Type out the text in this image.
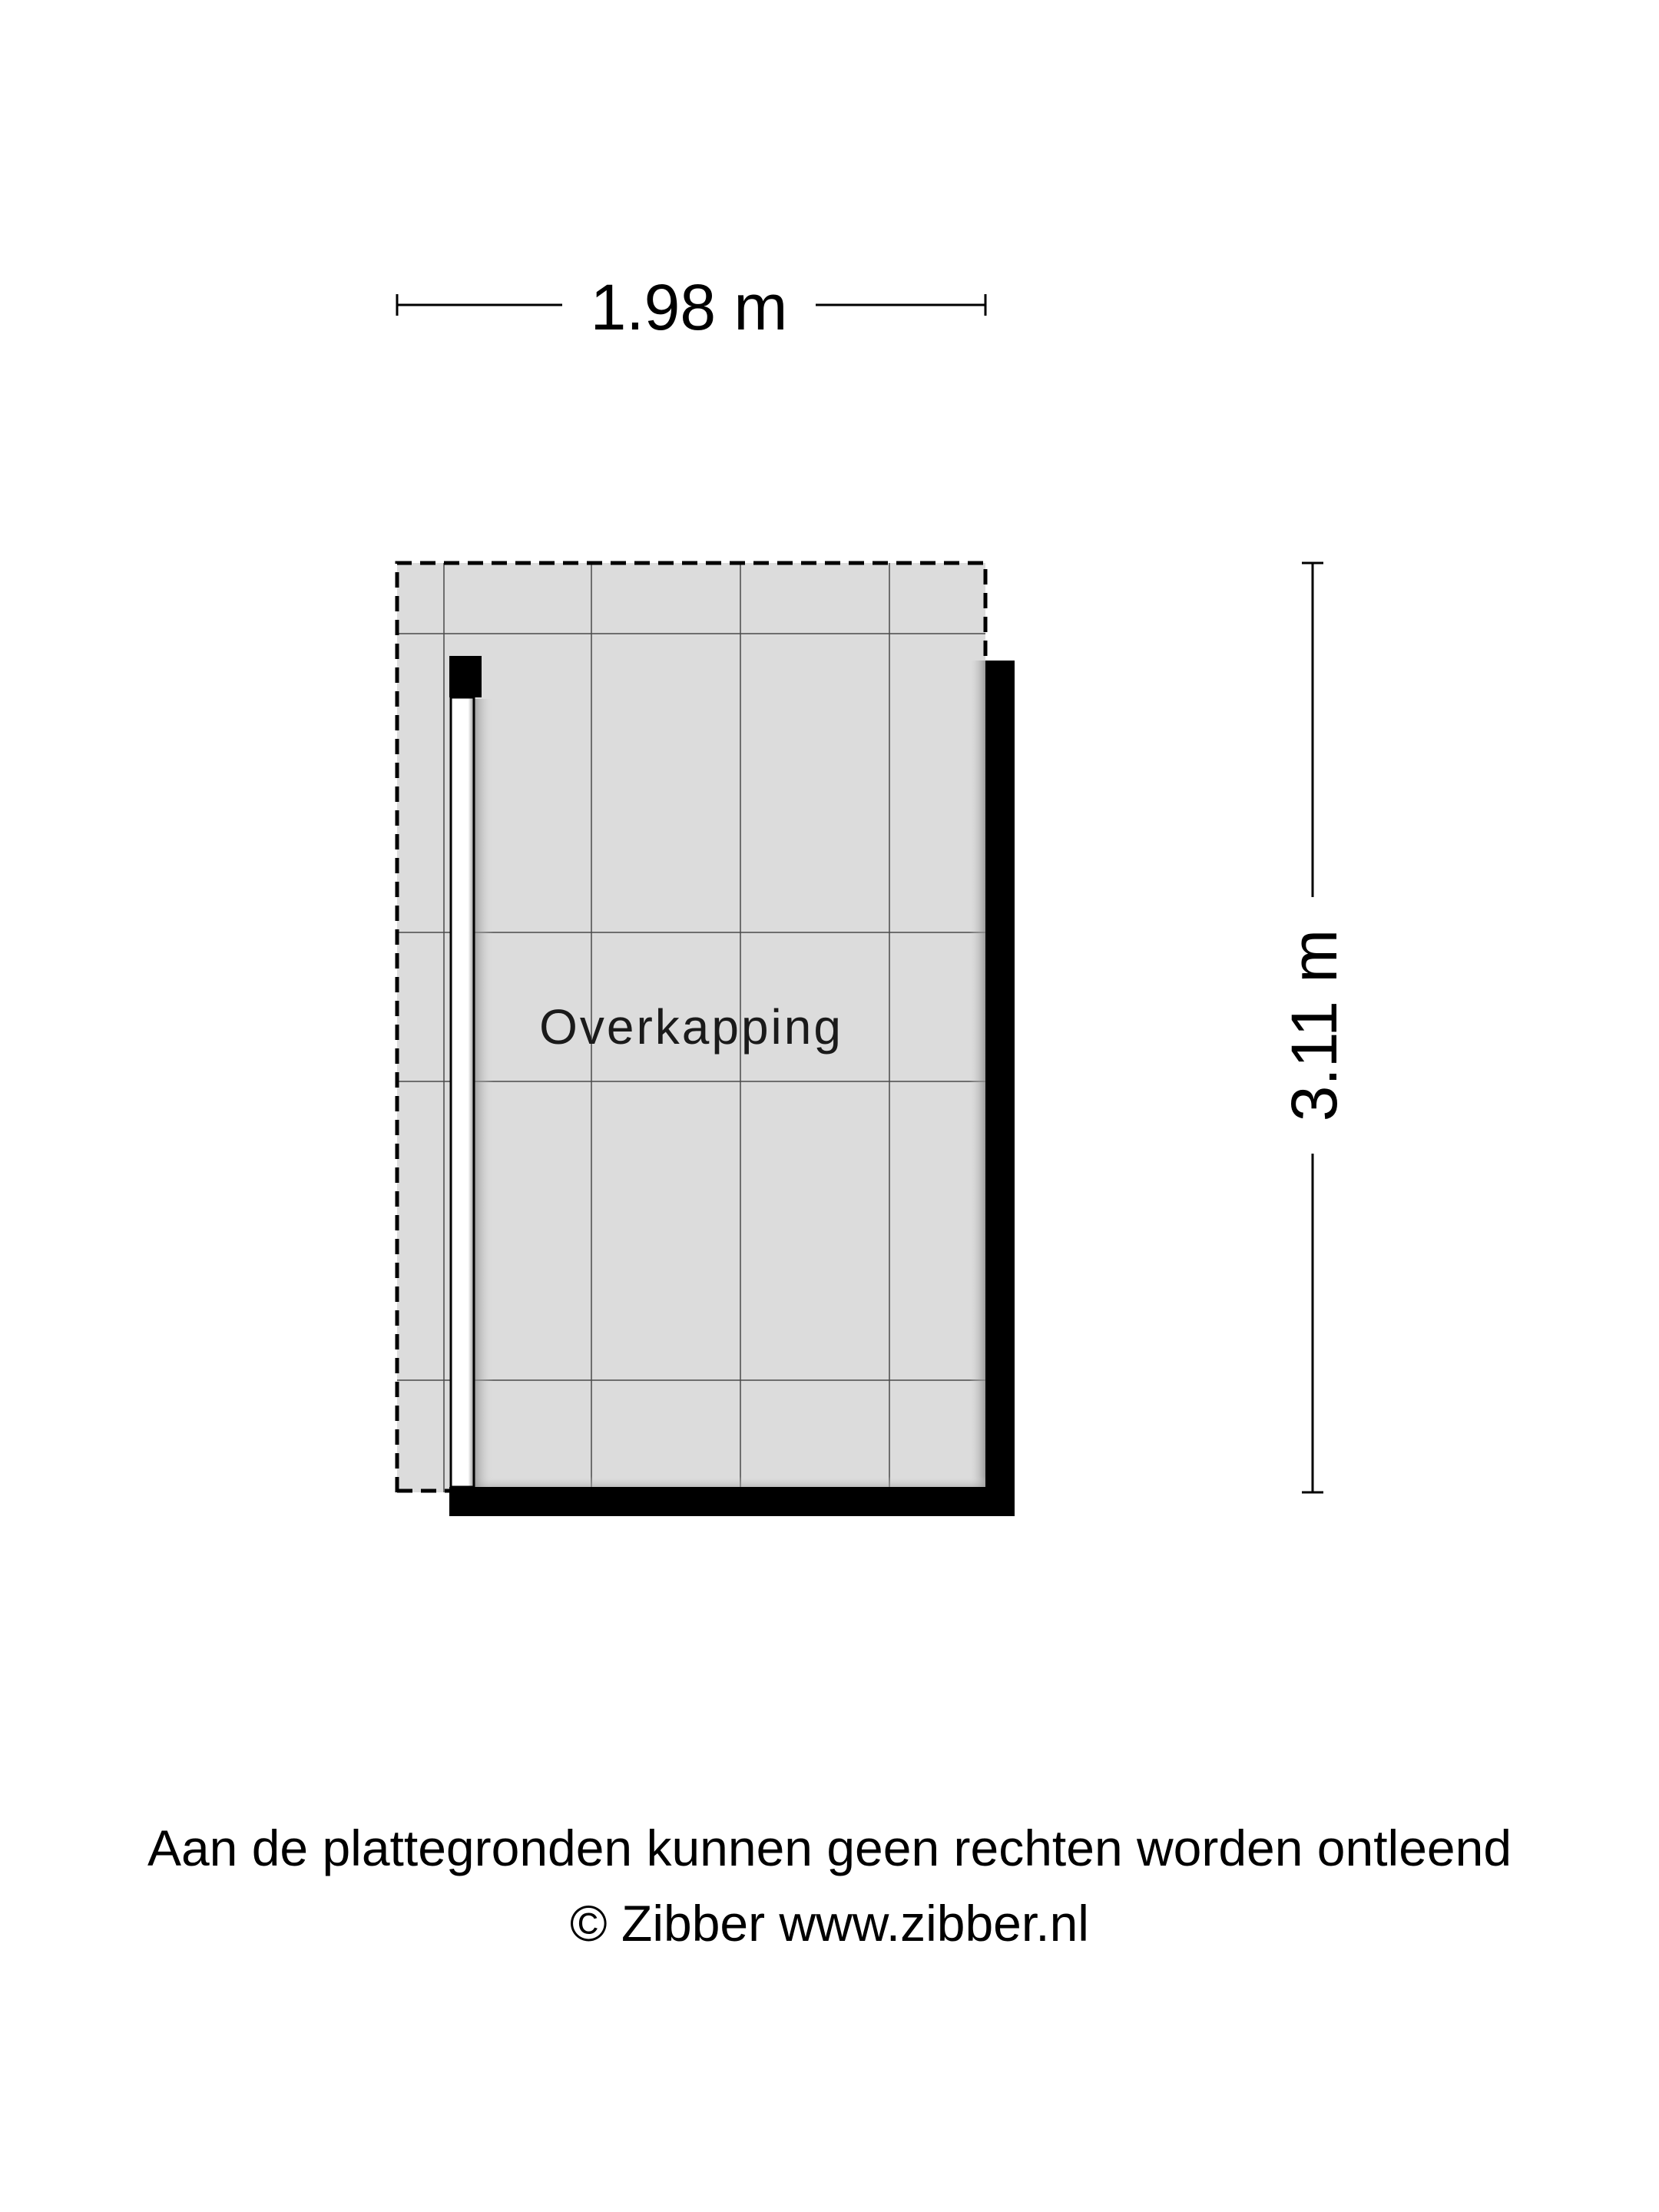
1.98 m
3.11 m
Overkapping
Aan de plattegronden kunnen geen rechten worden ontleend
© Zibber www.zibber.nl
